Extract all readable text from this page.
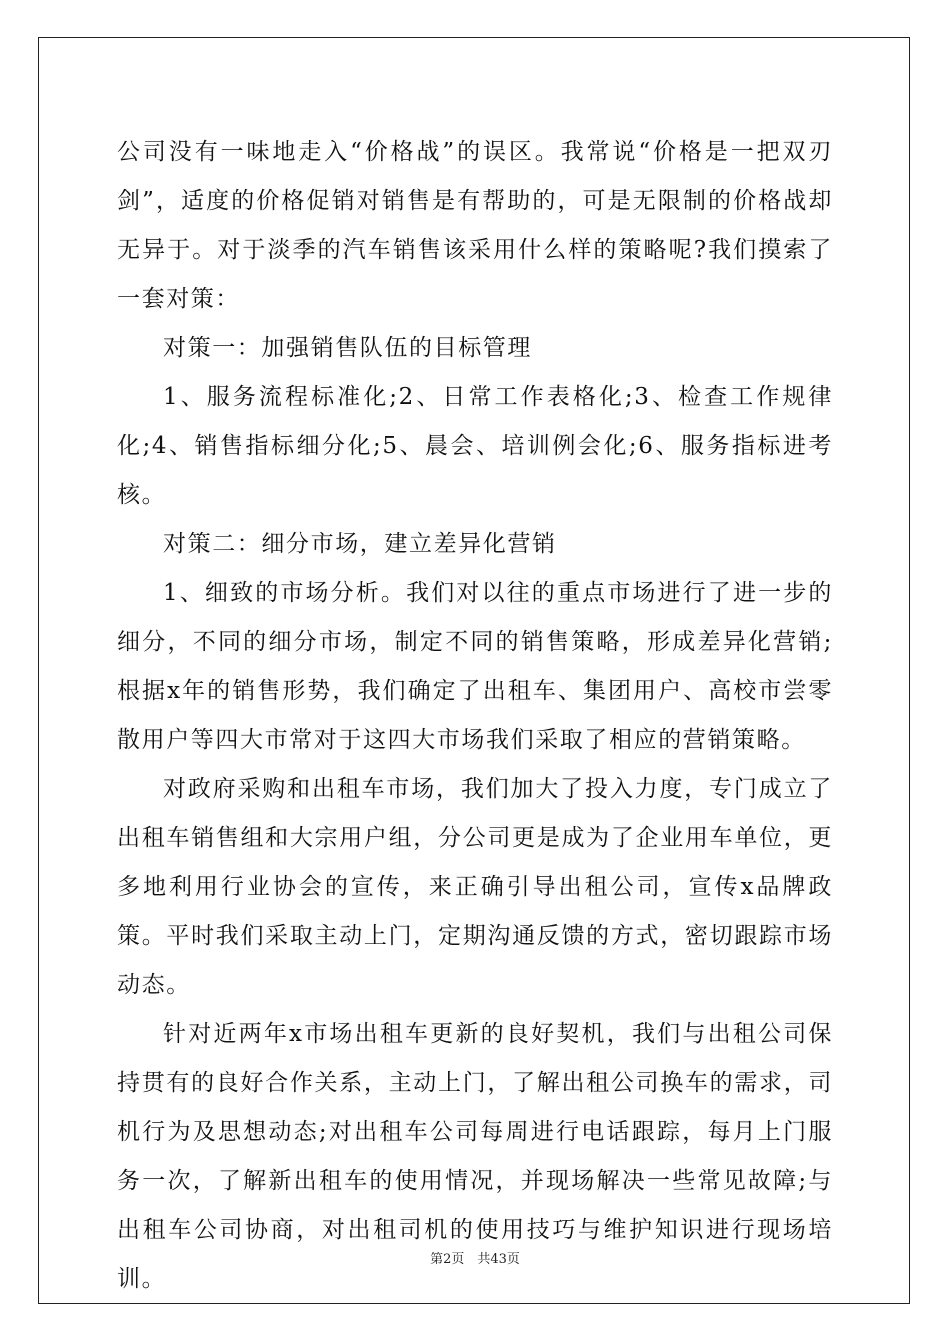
公司没有一味地走入“价格战”的误区。我常说“价格是一把双刃剑”，适度的价格促销对销售是有帮助的，可是无限制的价格战却无异于。对于淡季的汽车销售该采用什么样的策略呢?我们摸索了一套对策：

对策一：加强销售队伍的目标管理

1、服务流程标准化;2、日常工作表格化;3、检查工作规律化;4、销售指标细分化;5、晨会、培训例会化;6、服务指标进考核。

对策二：细分市场，建立差异化营销

1、细致的市场分析。我们对以往的重点市场进行了进一步的细分，不同的细分市场，制定不同的销售策略，形成差异化营销;根据x年的销售形势，我们确定了出租车、集团用户、高校市尝零散用户等四大市常对于这四大市场我们采取了相应的营销策略。

对政府采购和出租车市场，我们加大了投入力度，专门成立了出租车销售组和大宗用户组，分公司更是成为了企业用车单位，更多地利用行业协会的宣传，来正确引导出租公司，宣传x品牌政策。平时我们采取主动上门，定期沟通反馈的方式，密切跟踪市场动态。

针对近两年x市场出租车更新的良好契机，我们与出租公司保持贯有的良好合作关系，主动上门，了解出租公司换车的需求，司机行为及思想动态;对出租车公司每周进行电话跟踪，每月上门服务一次，了解新出租车的使用情况，并现场解决一些常见故障;与出租车公司协商，对出租司机的使用技巧与维护知识进行现场培训。

第2页　共43页
